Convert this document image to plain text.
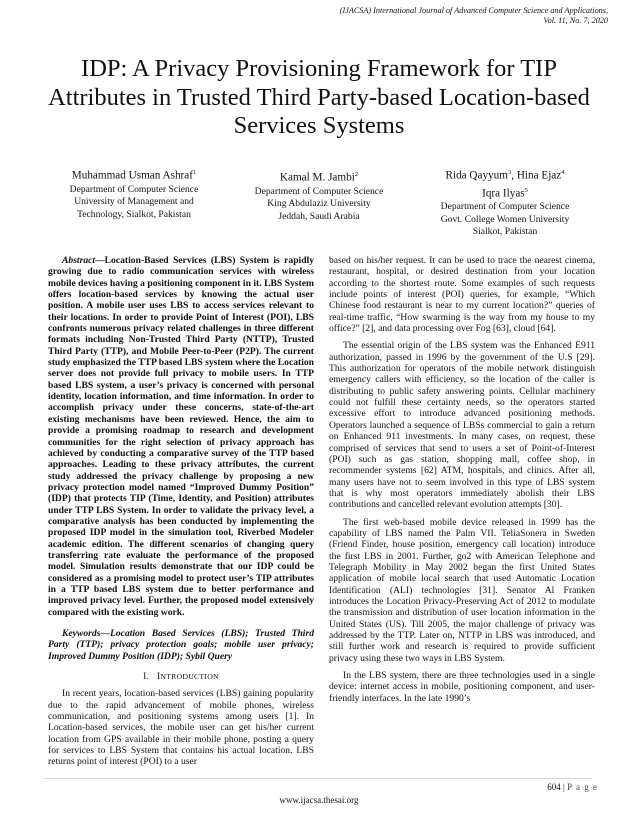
(IJACSA) International Journal of Advanced Computer Science and Applications,
Vol. 11, No. 7, 2020
IDP: A Privacy Provisioning Framework for TIP Attributes in Trusted Third Party-based Location-based Services Systems
Muhammad Usman Ashraf$^1$
Department of Computer Science
University of Management and
Technology, Sialkot, Pakistan
Kamal M. Jambi$^2$
Department of Computer Science
King Abdulaziz University
Jeddah, Saudi Arabia
Rida Qayyum$^3$, Hina Ejaz$^4$
Iqra Ilyas$^5$
Department of Computer Science
Govt. College Women University
Sialkot, Pakistan

Abstract—Location-Based Services (LBS) System is rapidly growing due to radio communication services with wireless mobile devices having a positioning component in it. LBS System offers location-based services by knowing the actual user position. A mobile user uses LBS to access services relevant to their locations. In order to provide Point of Interest (POI), LBS confronts numerous privacy related challenges in three different formats including Non-Trusted Third Party (NTTP), Trusted Third Party (TTP), and Mobile Peer-to-Peer (P2P). The current study emphasized the TTP based LBS system where the Location server does not provide full privacy to mobile users. In TTP based LBS system, a user’s privacy is concerned with personal identity, location information, and time information. In order to accomplish privacy under these concerns, state-of-the-art existing mechanisms have been reviewed. Hence, the aim to provide a promising roadmap to research and development communities for the right selection of privacy approach has achieved by conducting a comparative survey of the TTP based approaches. Leading to these privacy attributes, the current study addressed the privacy challenge by proposing a new privacy protection model named “Improved Dummy Position” (IDP) that protects TIP (Time, Identity, and Position) attributes under TTP LBS System. In order to validate the privacy level, a comparative analysis has been conducted by implementing the proposed IDP model in the simulation tool, Riverbed Modeler academic edition. The different scenarios of changing query transferring rate evaluate the performance of the proposed model. Simulation results demonstrate that our IDP could be considered as a promising model to protect user’s TIP attributes in a TTP based LBS system due to better performance and improved privacy level. Further, the proposed model extensively compared with the existing work.

Keywords—Location Based Services (LBS); Trusted Third Party (TTP); privacy protection goals; mobile user privacy; Improved Dummy Position (IDP); Sybil Query

I. INTRODUCTION

In recent years, location-based services (LBS) gaining popularity due to the rapid advancement of mobile phones, wireless communication, and positioning systems among users [1]. In Location-based services, the mobile user can get his/her current location from GPS available in their mobile phone, posting a query for services to LBS System that contains his actual location. LBS returns point of interest (POI) to a user

based on his/her request. It can be used to trace the nearest cinema, restaurant, hospital, or desired destination from your location according to the shortest route. Some examples of such requests include points of interest (POI) queries, for example, “Which Chinese food restaurant is near to my current location?” queries of real-time traffic, “How swarming is the way from my house to my office?” [2], and data processing over Fog [63], cloud [64].

The essential origin of the LBS system was the Enhanced E911 authorization, passed in 1996 by the government of the U.S [29]. This authorization for operators of the mobile network distinguish emergency callers with efficiency, so the location of the caller is distributing to public safety answering points. Cellular machinery could not fulfill these certainty needs, so the operators started excessive effort to introduce advanced positioning methods. Operators launched a sequence of LBSs commercial to gain a return on Enhanced 911 investments. In many cases, on request, these comprised of services that send to users a set of Point-of-Interest (POI) such as gas station, shopping mall, coffee shop, in recommender systems [62] ATM, hospitals, and clinics. After all, many users have not to seem involved in this type of LBS system that is why most operators immediately abolish their LBS contributions and cancelled relevant evolution attempts [30].

The first web-based mobile device released in 1999 has the capability of LBS named the Palm VII. TeliaSonera in Sweden (Friend Finder, house position, emergency call location) introduce the first LBS in 2001. Further, go2 with American Telephone and Telegraph Mobility in May 2002 began the first United States application of mobile local search that used Automatic Location Identification (ALI) technologies [31]. Senator Al Franken introduces the Location Privacy-Preserving Act of 2012 to modulate the transmission and distribution of user location information in the United States (US). Till 2005, the major challenge of privacy was addressed by the TTP. Later on, NTTP in LBS was introduced, and still further work and research is required to provide sufficient privacy using these two ways in LBS System.

In the LBS system, there are three technologies used in a single device: internet access in mobile, positioning component, and user-friendly interfaces. In the late 1990’s

604 | P a g e
www.ijacsa.thesai.org
